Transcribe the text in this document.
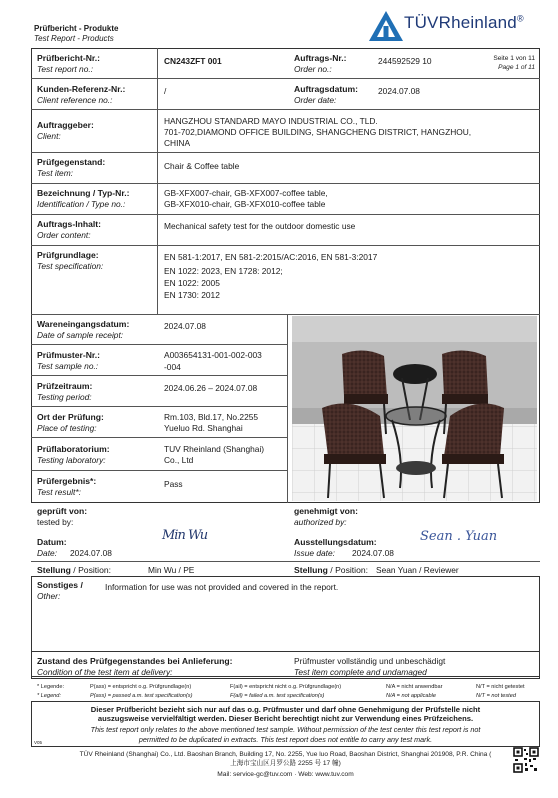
Prüfbericht - Produkte
Test Report - Products
TÜVRheinland®
Prüfbericht-Nr.:
Test report no.:
CN243ZFT 001	Auftrags-Nr.:
Order no.:
244592529 10	Seite 1 von 11
Page 1 of 11
Kunden-Referenz-Nr.:
Client reference no.:
/	Auftragsdatum:
Order date:
2024.07.08
Auftraggeber:
Client:
HANGZHOU STANDARD MAYO INDUSTRIAL CO., TLD.
701-702,DIAMOND OFFICE BUILDING, SHANGCHENG DISTRICT, HANGZHOU,
CHINA
Prüfgegenstand:
Test item:
Chair & Coffee table
Bezeichnung / Typ-Nr.:
Identification / Type no.:
GB-XFX007-chair, GB-XFX007-coffee table,
GB-XFX010-chair, GB-XFX010-coffee table
Auftrags-Inhalt:
Order content:
Mechanical safety test for the outdoor domestic use
Prüfgrundlage:
Test specification:
EN 581-1:2017, EN 581-2:2015/AC:2016, EN 581-3:2017
EN 1022: 2023, EN 1728: 2012;
EN 1022: 2005
EN 1730: 2012
Wareneingangsdatum:
Date of sample receipt:
2024.07.08
Prüfmuster-Nr.:
Test sample no.:
A003654131-001-002-003
-004
Prüfzeitraum:
Testing period:
2024.06.26 – 2024.07.08
Ort der Prüfung:
Place of testing:
Rm.103, Bld.17, No.2255
Yueluo Rd. Shanghai
Prüflaboratorium:
Testing laboratory:
TUV Rheinland (Shanghai)
Co., Ltd
Prüfergebnis*:
Test result*:
Pass
geprüft von:
tested by:
Datum:
Date: 2024.07.08
Min Wu
genehmigt von:
authorized by:
Ausstellungsdatum:
Issue date: 2024.07.08
Sean . Yuan
Stellung / Position:	Min Wu / PE	Stellung / Position: Sean Yuan / Reviewer
Sonstiges /
Other:
Information for use was not provided and covered in the report.
Zustand des Prüfgegenstandes bei Anlieferung:
Condition of the test item at delivery:
Prüfmuster vollständig und unbeschädigt
Test item complete and undamaged
* Legende:
* Legend:
P(ass) = entspricht o.g. Prüfgrundlage(n)
P(ass) = passed a.m. test specification(s)
F(ail) = entspricht nicht o.g. Prüfgrundlage(n)
F(ail) = failed a.m. test specification(s)
N/A = nicht anwendbar
N/A = not applicable
N/T = nicht getestet
N/T = not tested
Dieser Prüfbericht bezieht sich nur auf das o.g. Prüfmuster und darf ohne Genehmigung der Prüfstelle nicht
auszugsweise vervielfältigt werden. Dieser Bericht berechtigt nicht zur Verwendung eines Prüfzeichens.
This test report only relates to the above mentioned test sample. Without permission of the test center this test report is not
permitted to be duplicated in extracts. This test report does not entitle to carry any test mark.
V05
TÜV Rheinland (Shanghai) Co., Ltd. Baoshan Branch, Building 17, No. 2255, Yue luo Road, Baoshan District, Shanghai 201908, P.R. China (
上海市宝山区月罗公路 2255 号 17 幢)
Mail: service-gc@tuv.com · Web: www.tuv.com
